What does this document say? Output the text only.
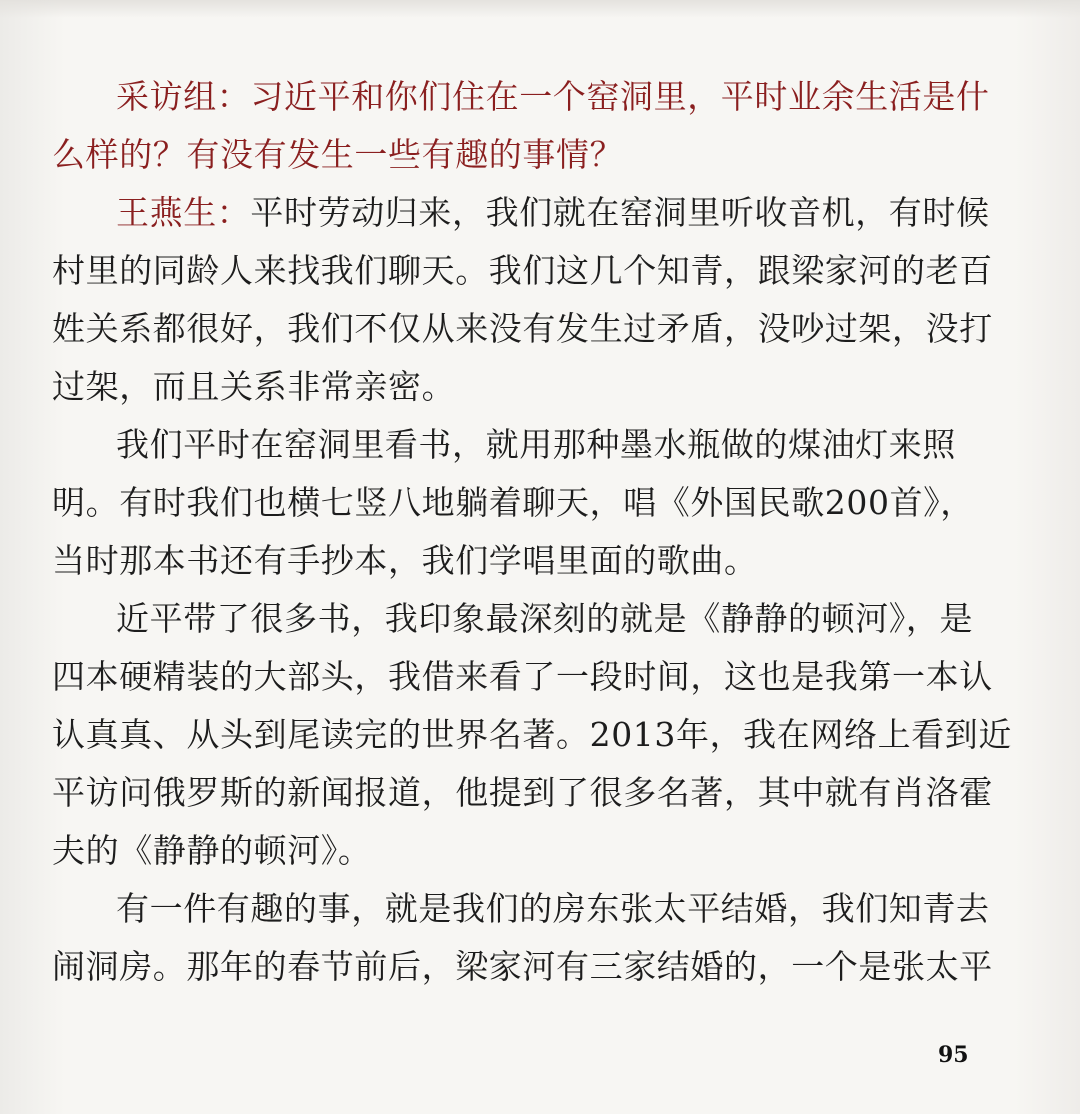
采访组：习近平和你们住在一个窑洞里，平时业余生活是什
么样的？有没有发生一些有趣的事情？
王燕生：平时劳动归来，我们就在窑洞里听收音机，有时候
村里的同龄人来找我们聊天。我们这几个知青，跟梁家河的老百
姓关系都很好，我们不仅从来没有发生过矛盾，没吵过架，没打
过架，而且关系非常亲密。
我们平时在窑洞里看书，就用那种墨水瓶做的煤油灯来照
明。有时我们也横七竖八地躺着聊天，唱《外国民歌200首》，
当时那本书还有手抄本，我们学唱里面的歌曲。
近平带了很多书，我印象最深刻的就是《静静的顿河》，是
四本硬精装的大部头，我借来看了一段时间，这也是我第一本认
认真真、从头到尾读完的世界名著。2013年，我在网络上看到近
平访问俄罗斯的新闻报道，他提到了很多名著，其中就有肖洛霍
夫的《静静的顿河》。
有一件有趣的事，就是我们的房东张太平结婚，我们知青去
闹洞房。那年的春节前后，梁家河有三家结婚的，一个是张太平
95
